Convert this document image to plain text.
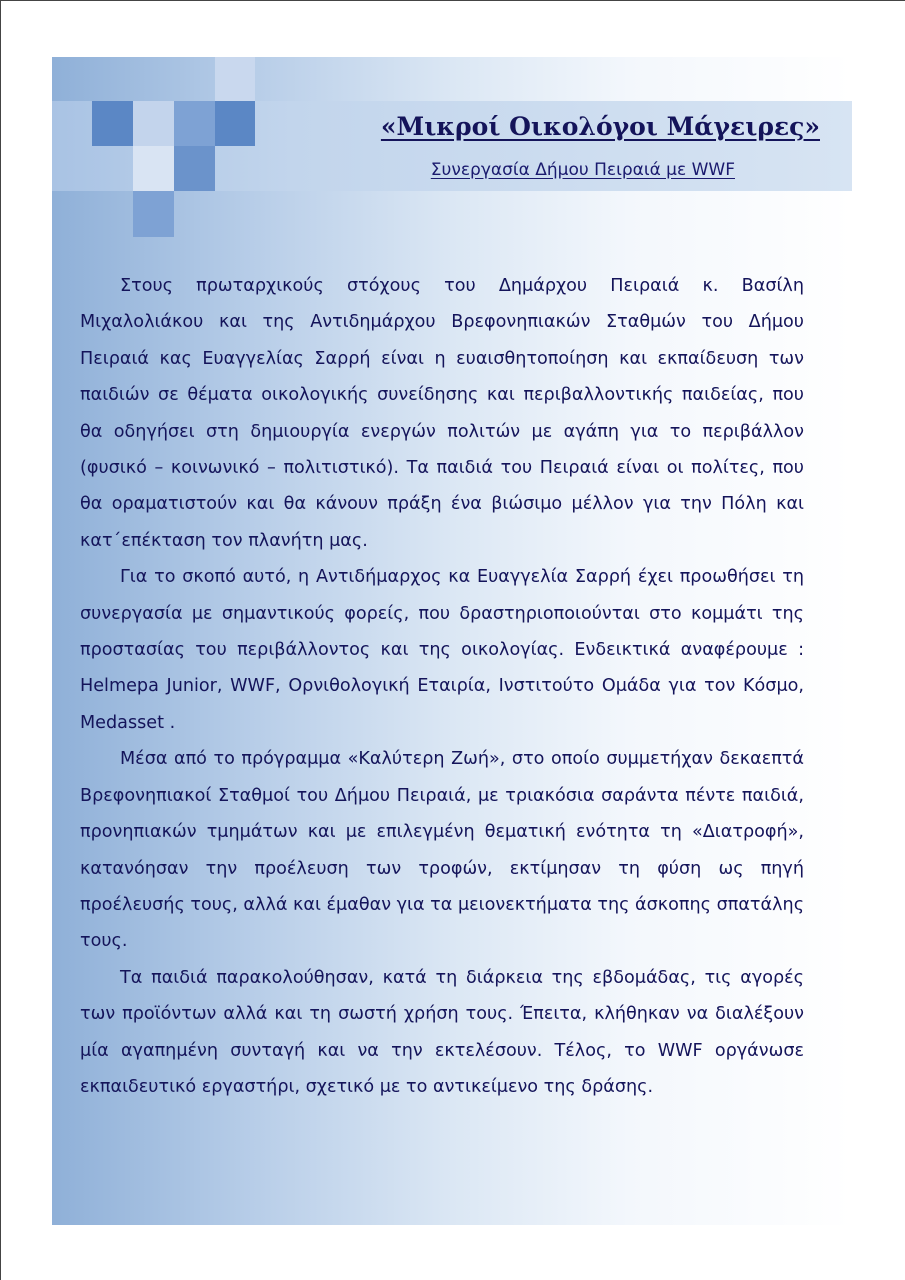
«Μικροί Οικολόγοι Μάγειρες»
Συνεργασία Δήμου Πειραιά με WWF

Στους πρωταρχικούς στόχους του Δημάρχου Πειραιά κ. Βασίλη Μιχαλολιάκου και της Αντιδημάρχου Βρεφονηπιακών Σταθμών του Δήμου Πειραιά κας Ευαγγελίας Σαρρή είναι η ευαισθητοποίηση και εκπαίδευση των παιδιών σε θέματα οικολογικής συνείδησης και περιβαλλοντικής παιδείας, που θα οδηγήσει στη δημιουργία ενεργών πολιτών με αγάπη για το περιβάλλον (φυσικό – κοινωνικό – πολιτιστικό). Τα παιδιά του Πειραιά είναι οι πολίτες, που θα οραματιστούν και θα κάνουν πράξη ένα βιώσιμο μέλλον για την Πόλη και κατ΄επέκταση τον πλανήτη μας.

Για το σκοπό αυτό, η Αντιδήμαρχος κα Ευαγγελία Σαρρή έχει προωθήσει τη συνεργασία με σημαντικούς φορείς, που δραστηριοποιούνται στο κομμάτι της προστασίας του περιβάλλοντος και της οικολογίας. Ενδεικτικά αναφέρουμε : Helmepa Junior, WWF, Ορνιθολογική Εταιρία, Ινστιτούτο Ομάδα για τον Κόσμο, Medasset .

Μέσα από το πρόγραμμα «Καλύτερη Ζωή», στο οποίο συμμετήχαν δεκαεπτά Βρεφονηπιακοί Σταθμοί του Δήμου Πειραιά, με τριακόσια σαράντα πέντε παιδιά, προνηπιακών τμημάτων και με επιλεγμένη θεματική ενότητα τη «Διατροφή», κατανόησαν την προέλευση των τροφών, εκτίμησαν τη φύση ως πηγή προέλευσής τους, αλλά και έμαθαν για τα μειονεκτήματα της άσκοπης σπατάλης τους.

Τα παιδιά παρακολούθησαν, κατά τη διάρκεια της εβδομάδας, τις αγορές των προϊόντων αλλά και τη σωστή χρήση τους. Έπειτα, κλήθηκαν να διαλέξουν μία αγαπημένη συνταγή και να την εκτελέσουν. Τέλος, το WWF οργάνωσε εκπαιδευτικό εργαστήρι, σχετικό με το αντικείμενο της δράσης.
